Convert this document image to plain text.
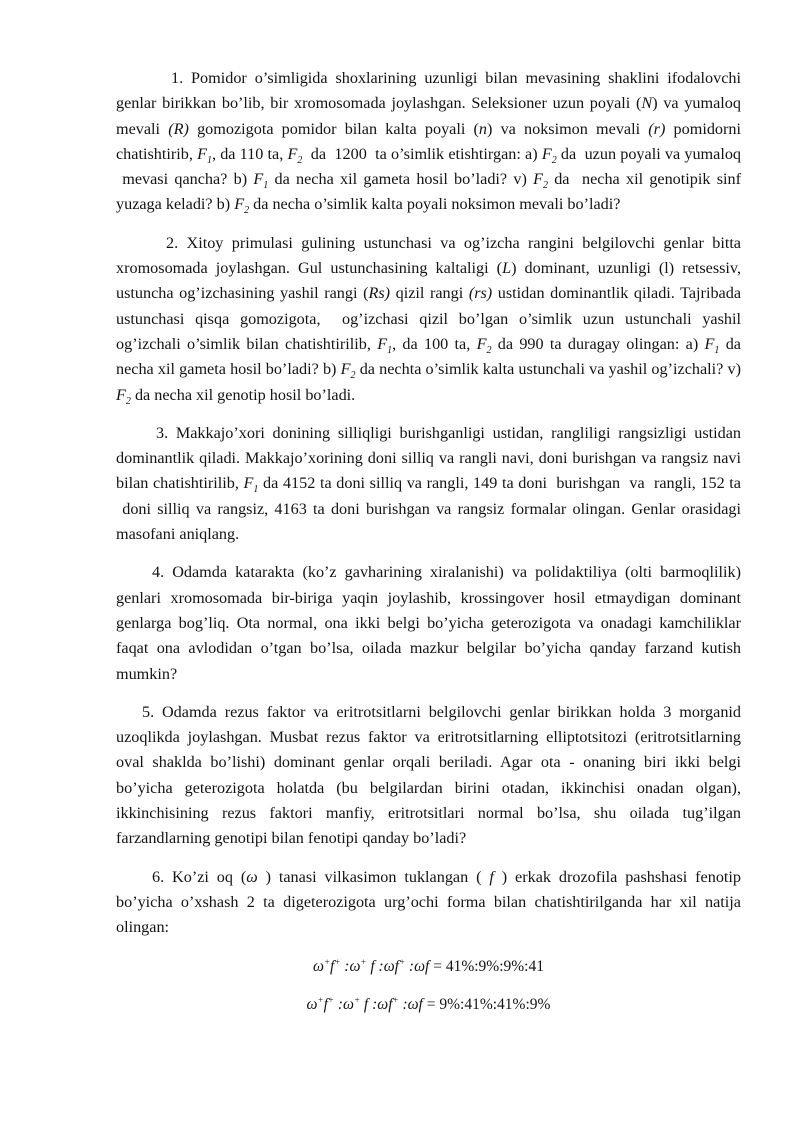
1. Pomidor o’simligida shoxlarining uzunligi bilan mevasining shaklini ifodalovchi genlar birikkan bo’lib, bir xromosomada joylashgan. Seleksioner uzun poyali (N) va yumaloq mevali (R) gomozigota pomidor bilan kalta poyali (n) va noksimon mevali (r) pomidorni chatishtirib, $F_1$, da 110 ta, $F_2$  da  1200  ta o’simlik etishtirgan: a) $F_2$ da  uzun poyali va yumaloq  mevasi qancha? b) $F_1$ da necha xil gameta hosil bo’ladi? v) $F_2$ da  necha xil genotipik sinf yuzaga keladi? b) $F_2$ da necha o’simlik kalta poyali noksimon mevali bo’ladi?

2. Xitoy primulasi gulining ustunchasi va og’izcha rangini belgilovchi genlar bitta xromosomada joylashgan. Gul ustunchasining kaltaligi (L) dominant, uzunligi (l) retsessiv, ustuncha og’izchasining yashil rangi (Rs) qizil rangi (rs) ustidan dominantlik qiladi. Tajribada ustunchasi qisqa gomozigota,  og’izchasi qizil bo’lgan o’simlik uzun ustunchali yashil og’izchali o’simlik bilan chatishtirilib, $F_1$, da 100 ta, $F_2$ da 990 ta duragay olingan: a) $F_1$ da necha xil gameta hosil bo’ladi? b) $F_2$ da nechta o’simlik kalta ustunchali va yashil og’izchali? v) $F_2$ da necha xil genotip hosil bo’ladi.

3. Makkajo’xori donining silliqligi burishganligi ustidan, rangliligi rangsizligi ustidan dominantlik qiladi. Makkajo’xorining doni silliq va rangli navi, doni burishgan va rangsiz navi bilan chatishtirilib, $F_1$ da 4152 ta doni silliq va rangli, 149 ta doni  burishgan  va  rangli, 152 ta  doni silliq va rangsiz, 4163 ta doni burishgan va rangsiz formalar olingan. Genlar orasidagi masofani aniqlang.

4. Odamda katarakta (ko’z gavharining xiralanishi) va polidaktiliya (olti barmoqlilik) genlari xromosomada bir-biriga yaqin joylashib, krossingover hosil etmaydigan dominant genlarga bog’liq. Ota normal, ona ikki belgi bo’yicha geterozigota va onadagi kamchiliklar faqat ona avlodidan o’tgan bo’lsa, oilada mazkur belgilar bo’yicha qanday farzand kutish mumkin?

5. Odamda rezus faktor va eritrotsitlarni belgilovchi genlar birikkan holda 3 morganid uzoqlikda joylashgan. Musbat rezus faktor va eritrotsitlarning elliptotsitozi (eritrotsitlarning oval shaklda bo’lishi) dominant genlar orqali beriladi. Agar ota - onaning biri ikki belgi bo’yicha geterozigota holatda (bu belgilardan birini otadan, ikkinchisi onadan olgan), ikkinchisining rezus faktori manfiy, eritrotsitlari normal bo’lsa, shu oilada tug’ilgan farzandlarning genotipi bilan fenotipi qanday bo’ladi?

6. Ko’zi oq (ω ) tanasi vilkasimon tuklangan ( f ) erkak drozofila pashshasi fenotip bo’yicha o’xshash 2 ta digeterozigota urg’ochi forma bilan chatishtirilganda har xil natija olingan:

ω+f+ :ω+ f :ωf+ :ωf = 41%:9%:9%:41
ω+f+ :ω+ f :ωf+ :ωf = 9%:41%:41%:9%
